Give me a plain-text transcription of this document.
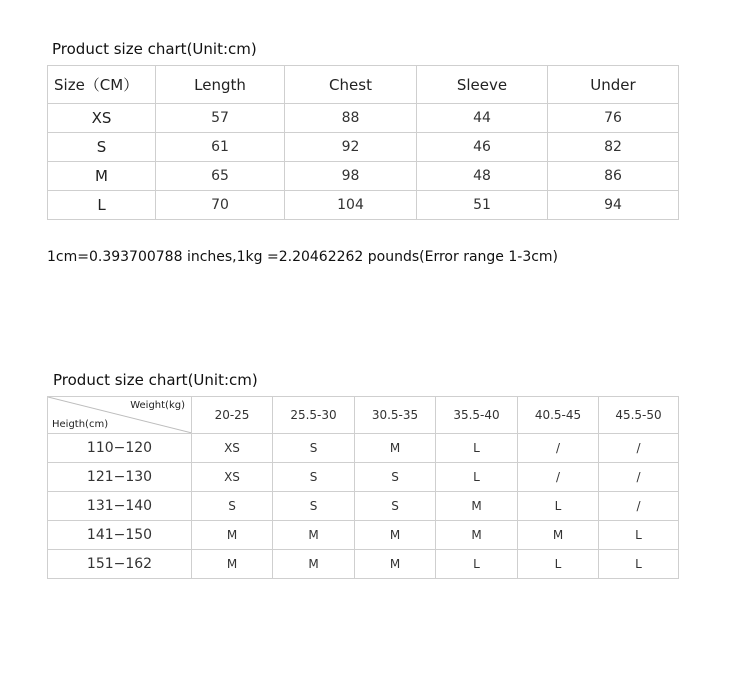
Product size chart(Unit:cm)
Size（CM）	Length	Chest	Sleeve	Under
XS	57	88	44	76
S	61	92	46	82
M	65	98	48	86
L	70	104	51	94
1cm=0.393700788 inches,1kg =2.20462262 pounds(Error range 1-3cm)
Product size chart(Unit:cm)
Weight(kg)
Heigth(cm)	20-25	25.5-30	30.5-35	35.5-40	40.5-45	45.5-50
110−120	XS	S	M	L	/	/
121−130	XS	S	S	L	/	/
131−140	S	S	S	M	L	/
141−150	M	M	M	M	M	L
151−162	M	M	M	L	L	L
